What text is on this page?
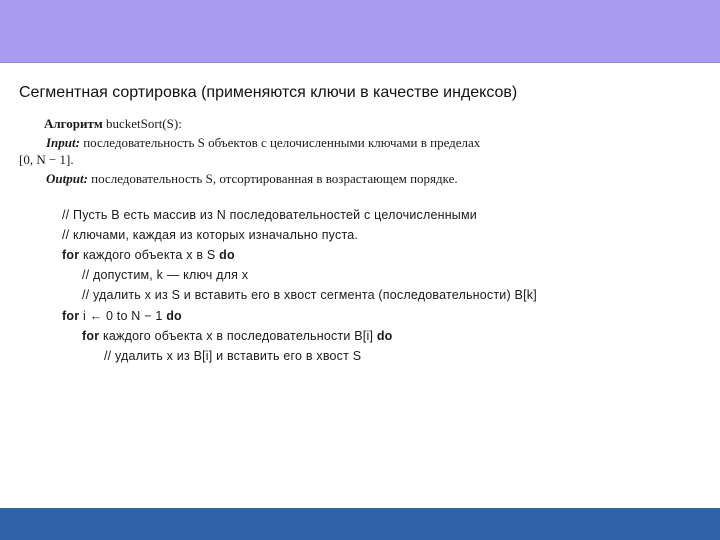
Сегментная сортировка (применяются ключи в качестве индексов)
Алгоритм bucketSort(S):
Input: последовательность S объектов с целочисленными ключами в пределах
[0, N − 1].
Output: последовательность S, отсортированная в возрастающем порядке.
// Пусть B есть массив из N последовательностей с целочисленными
// ключами, каждая из которых изначально пуста.
for каждого объекта x в S do
// допустим, k — ключ для x
// удалить x из S и вставить его в хвост сегмента (последовательности) B[k]
for i ← 0 to N − 1 do
for каждого объекта x в последовательности B[i] do
// удалить x из B[i] и вставить его в хвост S
